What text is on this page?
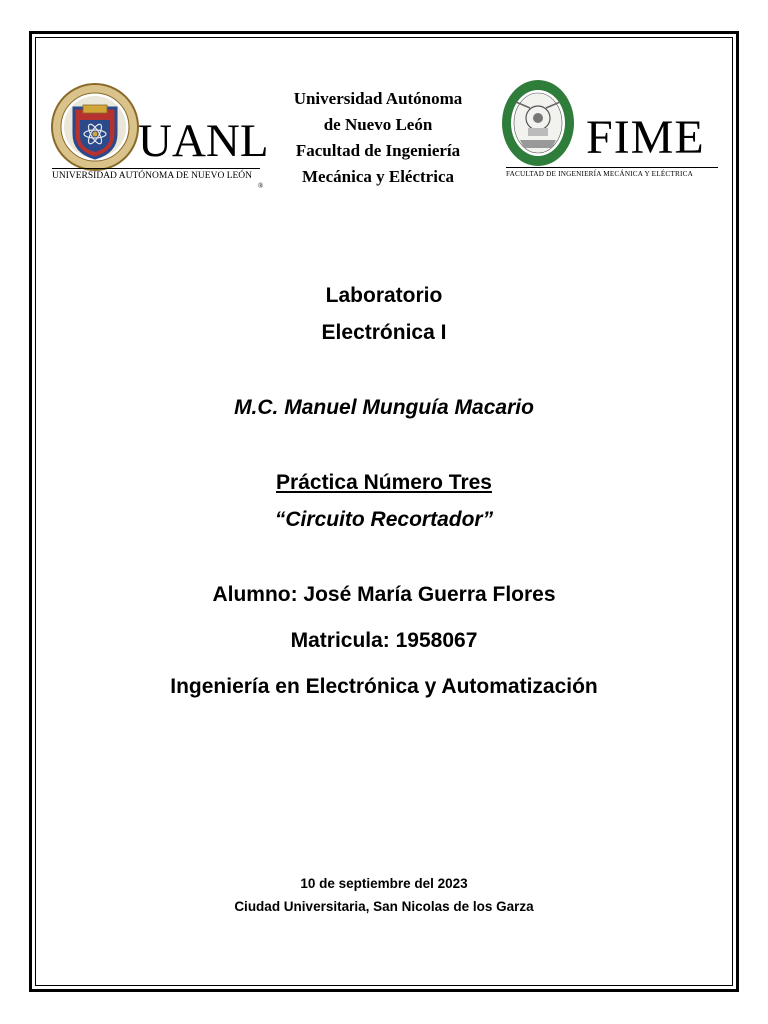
UANL
UNIVERSIDAD AUTÓNOMA DE NUEVO LEÓN
®
Universidad Autónoma
de Nuevo León
Facultad de Ingeniería
Mecánica y Eléctrica
FIME
FACULTAD DE INGENIERÍA MECÁNICA Y ELÉCTRICA
Laboratorio
Electrónica I
M.C. Manuel Munguía Macario
Práctica Número Tres
“Circuito Recortador”
Alumno: José María Guerra Flores
Matricula: 1958067
Ingeniería en Electrónica y Automatización
10 de septiembre del 2023
Ciudad Universitaria, San Nicolas de los Garza
